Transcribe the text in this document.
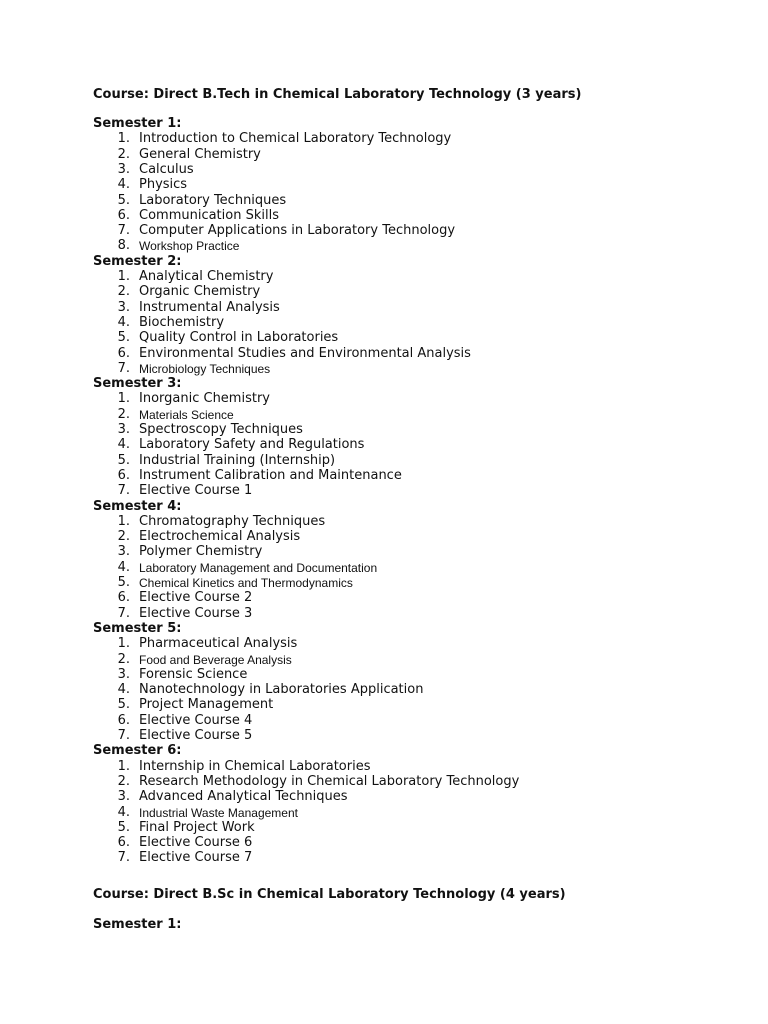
Course: Direct B.Tech in Chemical Laboratory Technology (3 years)
Semester 1:
1. Introduction to Chemical Laboratory Technology
2. General Chemistry
3. Calculus
4. Physics
5. Laboratory Techniques
6. Communication Skills
7. Computer Applications in Laboratory Technology
8. Workshop Practice
Semester 2:
1. Analytical Chemistry
2. Organic Chemistry
3. Instrumental Analysis
4. Biochemistry
5. Quality Control in Laboratories
6. Environmental Studies and Environmental Analysis
7. Microbiology Techniques
Semester 3:
1. Inorganic Chemistry
2. Materials Science
3. Spectroscopy Techniques
4. Laboratory Safety and Regulations
5. Industrial Training (Internship)
6. Instrument Calibration and Maintenance
7. Elective Course 1
Semester 4:
1. Chromatography Techniques
2. Electrochemical Analysis
3. Polymer Chemistry
4. Laboratory Management and Documentation
5. Chemical Kinetics and Thermodynamics
6. Elective Course 2
7. Elective Course 3
Semester 5:
1. Pharmaceutical Analysis
2. Food and Beverage Analysis
3. Forensic Science
4. Nanotechnology in Laboratories Application
5. Project Management
6. Elective Course 4
7. Elective Course 5
Semester 6:
1. Internship in Chemical Laboratories
2. Research Methodology in Chemical Laboratory Technology
3. Advanced Analytical Techniques
4. Industrial Waste Management
5. Final Project Work
6. Elective Course 6
7. Elective Course 7
Course: Direct B.Sc in Chemical Laboratory Technology (4 years)
Semester 1:
